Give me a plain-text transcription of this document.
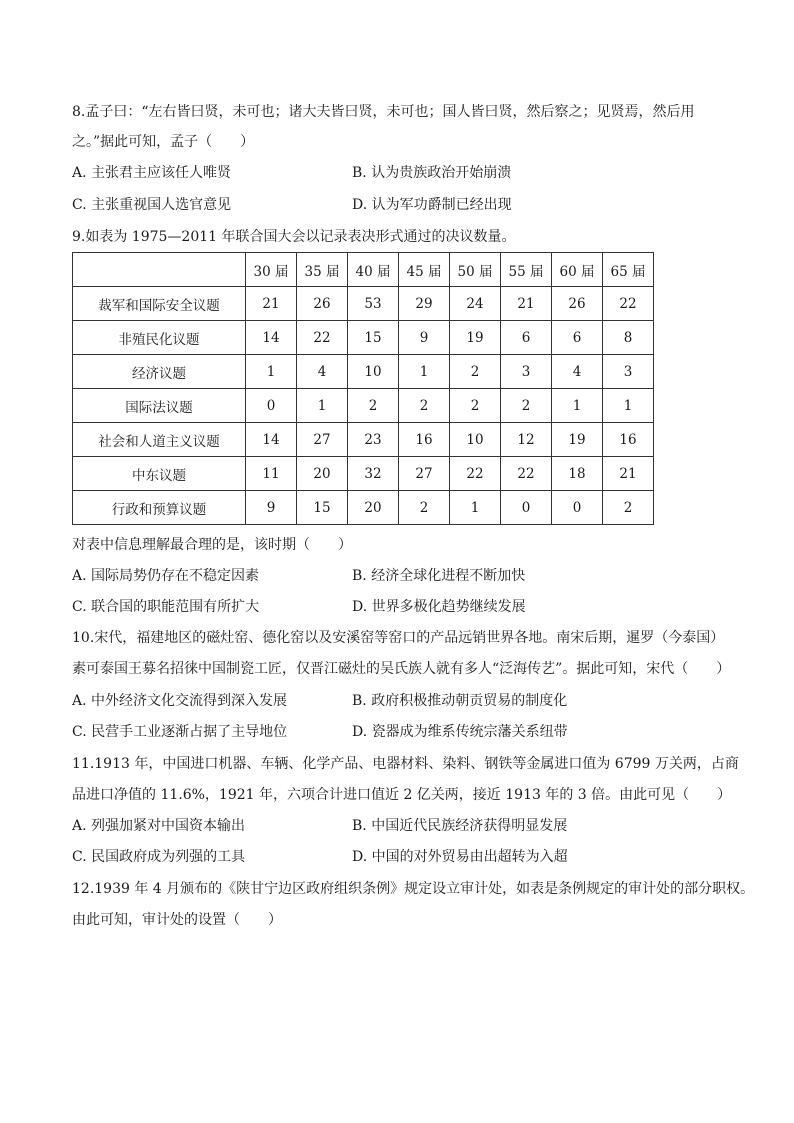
8.孟子曰：“左右皆曰贤，未可也；诸大夫皆曰贤，未可也；国人皆曰贤，然后察之；见贤焉，然后用
之。”据此可知，孟子（　　）
A. 主张君主应该任人唯贤	B. 认为贵族政治开始崩溃
C. 主张重视国人选官意见	D. 认为军功爵制已经出现
9.如表为 1975—2011 年联合国大会以记录表决形式通过的决议数量。
	30 届	35 届	40 届	45 届	50 届	55 届	60 届	65 届
裁军和国际安全议题	21	26	53	29	24	21	26	22
非殖民化议题	14	22	15	9	19	6	6	8
经济议题	1	4	10	1	2	3	4	3
国际法议题	0	1	2	2	2	2	1	1
社会和人道主义议题	14	27	23	16	10	12	19	16
中东议题	11	20	32	27	22	22	18	21
行政和预算议题	9	15	20	2	1	0	0	2
对表中信息理解最合理的是，该时期（　　）
A. 国际局势仍存在不稳定因素	B. 经济全球化进程不断加快
C. 联合国的职能范围有所扩大	D. 世界多极化趋势继续发展
10.宋代，福建地区的磁灶窑、德化窑以及安溪窑等窑口的产品远销世界各地。南宋后期，暹罗（今泰国）
素可泰国王募名招徕中国制瓷工匠，仅晋江磁灶的吴氏族人就有多人“泛海传艺”。据此可知，宋代（　　）
A. 中外经济文化交流得到深入发展	B. 政府积极推动朝贡贸易的制度化
C. 民营手工业逐渐占据了主导地位	D. 瓷器成为维系传统宗藩关系纽带
11.1913 年，中国进口机器、车辆、化学产品、电器材料、染料、钢铁等金属进口值为 6799 万关两，占商
品进口净值的 11.6%，1921 年，六项合计进口值近 2 亿关两，接近 1913 年的 3 倍。由此可见（　　）
A. 列强加紧对中国资本输出	B. 中国近代民族经济获得明显发展
C. 民国政府成为列强的工具	D. 中国的对外贸易由出超转为入超
12.1939 年 4 月颁布的《陕甘宁边区政府组织条例》规定设立审计处，如表是条例规定的审计处的部分职权。
由此可知，审计处的设置（　　）
